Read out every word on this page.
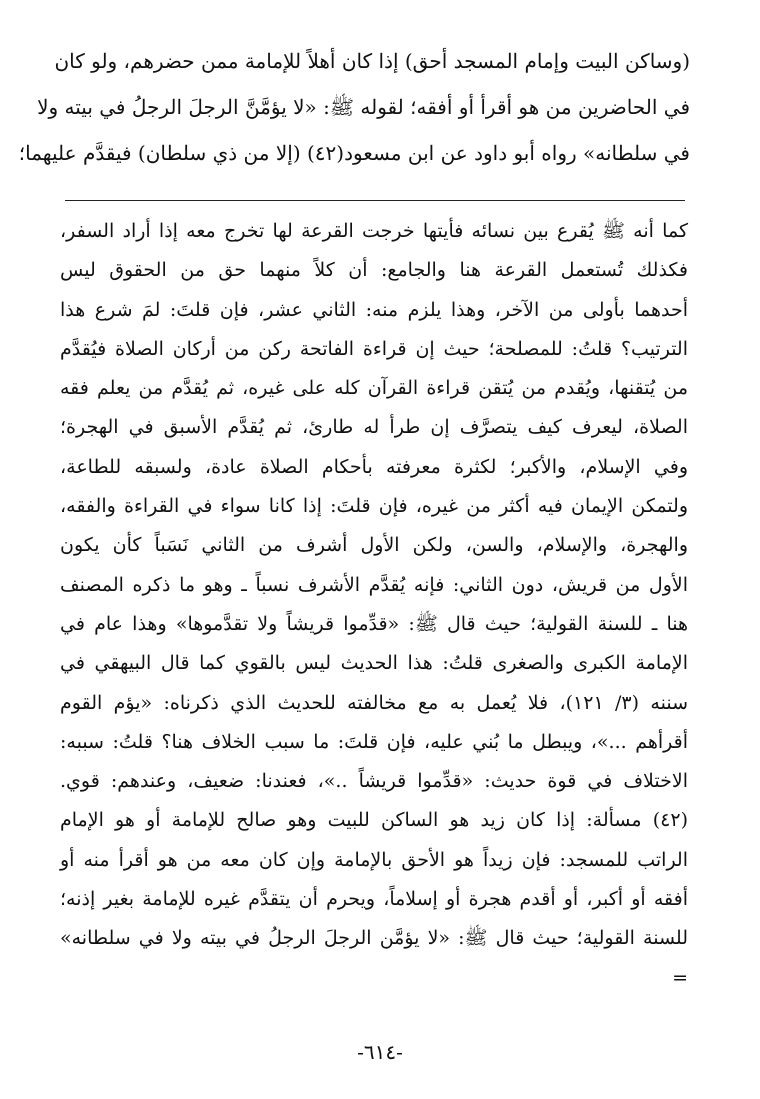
(وساكن البيت وإمام المسجد أحق) إذا كان أهلاً للإمامة ممن حضرهم، ولو كان
في الحاضرين من هو أقرأ أو أفقه؛ لقوله ﷺ: «لا يؤمَّنَّ الرجلَ الرجلُ في بيته ولا
في سلطانه» رواه أبو داود عن ابن مسعود(٤٢) (إلا من ذي سلطان) فيقدَّم عليهما؛
كما أنه ﷺ يُقرع بين نسائه فأيتها خرجت القرعة لها تخرج معه إذا أراد السفر،
فكذلك تُستعمل القرعة هنا والجامع: أن كلاً منهما حق من الحقوق ليس
أحدهما بأولى من الآخر، وهذا يلزم منه: الثاني عشر، فإن قلتَ: لمَ شرع هذا
الترتيب؟ قلتُ: للمصلحة؛ حيث إن قراءة الفاتحة ركن من أركان الصلاة فيُقدَّم
من يُتقنها، ويُقدم من يُتقن قراءة القرآن كله على غيره، ثم يُقدَّم من يعلم فقه
الصلاة، ليعرف كيف يتصرَّف إن طرأ له طارئ، ثم يُقدَّم الأسبق في الهجرة؛
وفي الإسلام، والأكبر؛ لكثرة معرفته بأحكام الصلاة عادة، ولسبقه للطاعة،
ولتمكن الإيمان فيه أكثر من غيره، فإن قلتَ: إذا كانا سواء في القراءة والفقه،
والهجرة، والإسلام، والسن، ولكن الأول أشرف من الثاني نَسَباً كأن يكون
الأول من قريش، دون الثاني: فإنه يُقدَّم الأشرف نسباً ـ وهو ما ذكره المصنف
هنا ـ للسنة القولية؛ حيث قال ﷺ: «قدِّموا قريشاً ولا تقدَّموها» وهذا عام في
الإمامة الكبرى والصغرى قلتُ: هذا الحديث ليس بالقوي كما قال البيهقي في
سننه (٣/ ١٢١)، فلا يُعمل به مع مخالفته للحديث الذي ذكرناه: «يؤم القوم
أقرأهم ...»، ويبطل ما بُني عليه، فإن قلتَ: ما سبب الخلاف هنا؟ قلتُ: سببه:
الاختلاف في قوة حديث: «قدِّموا قريشاً ..»، فعندنا: ضعيف، وعندهم: قوي.
(٤٢) مسألة: إذا كان زيد هو الساكن للبيت وهو صالح للإمامة أو هو الإمام
الراتب للمسجد: فإن زيداً هو الأحق بالإمامة وإن كان معه من هو أقرأ منه أو
أفقه أو أكبر، أو أقدم هجرة أو إسلاماً، ويحرم أن يتقدَّم غيره للإمامة بغير إذنه؛
للسنة القولية؛ حيث قال ﷺ: «لا يؤمَّن الرجلَ الرجلُ في بيته ولا في سلطانه»
=
-٦١٤-
